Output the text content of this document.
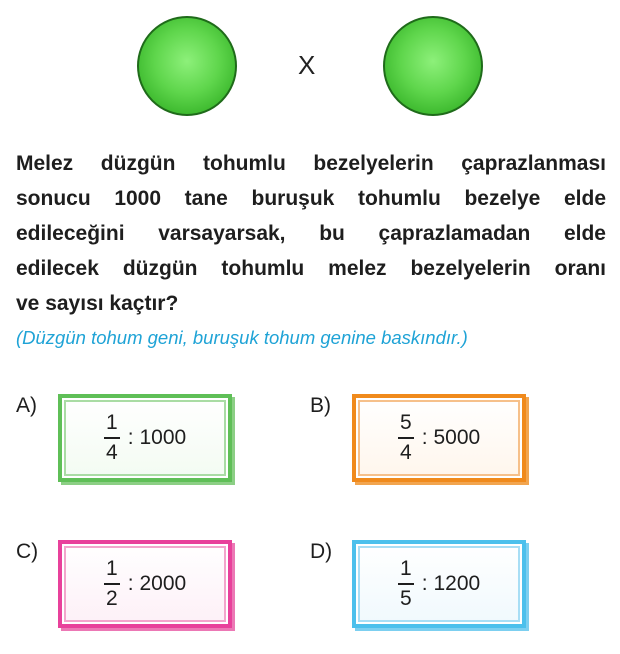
X
Melez düzgün tohumlu bezelyelerin çaprazlanması
sonucu 1000 tane buruşuk tohumlu bezelye elde
edileceğini varsayarsak, bu çaprazlamadan elde
edilecek düzgün tohumlu melez bezelyelerin oranı
ve sayısı kaçtır?
(Düzgün tohum geni, buruşuk tohum genine baskındır.)
A)
$\frac{1}{4}$ : 1000
B)
$\frac{5}{4}$ : 5000
C)
$\frac{1}{2}$ : 2000
D)
$\frac{1}{5}$ : 1200
